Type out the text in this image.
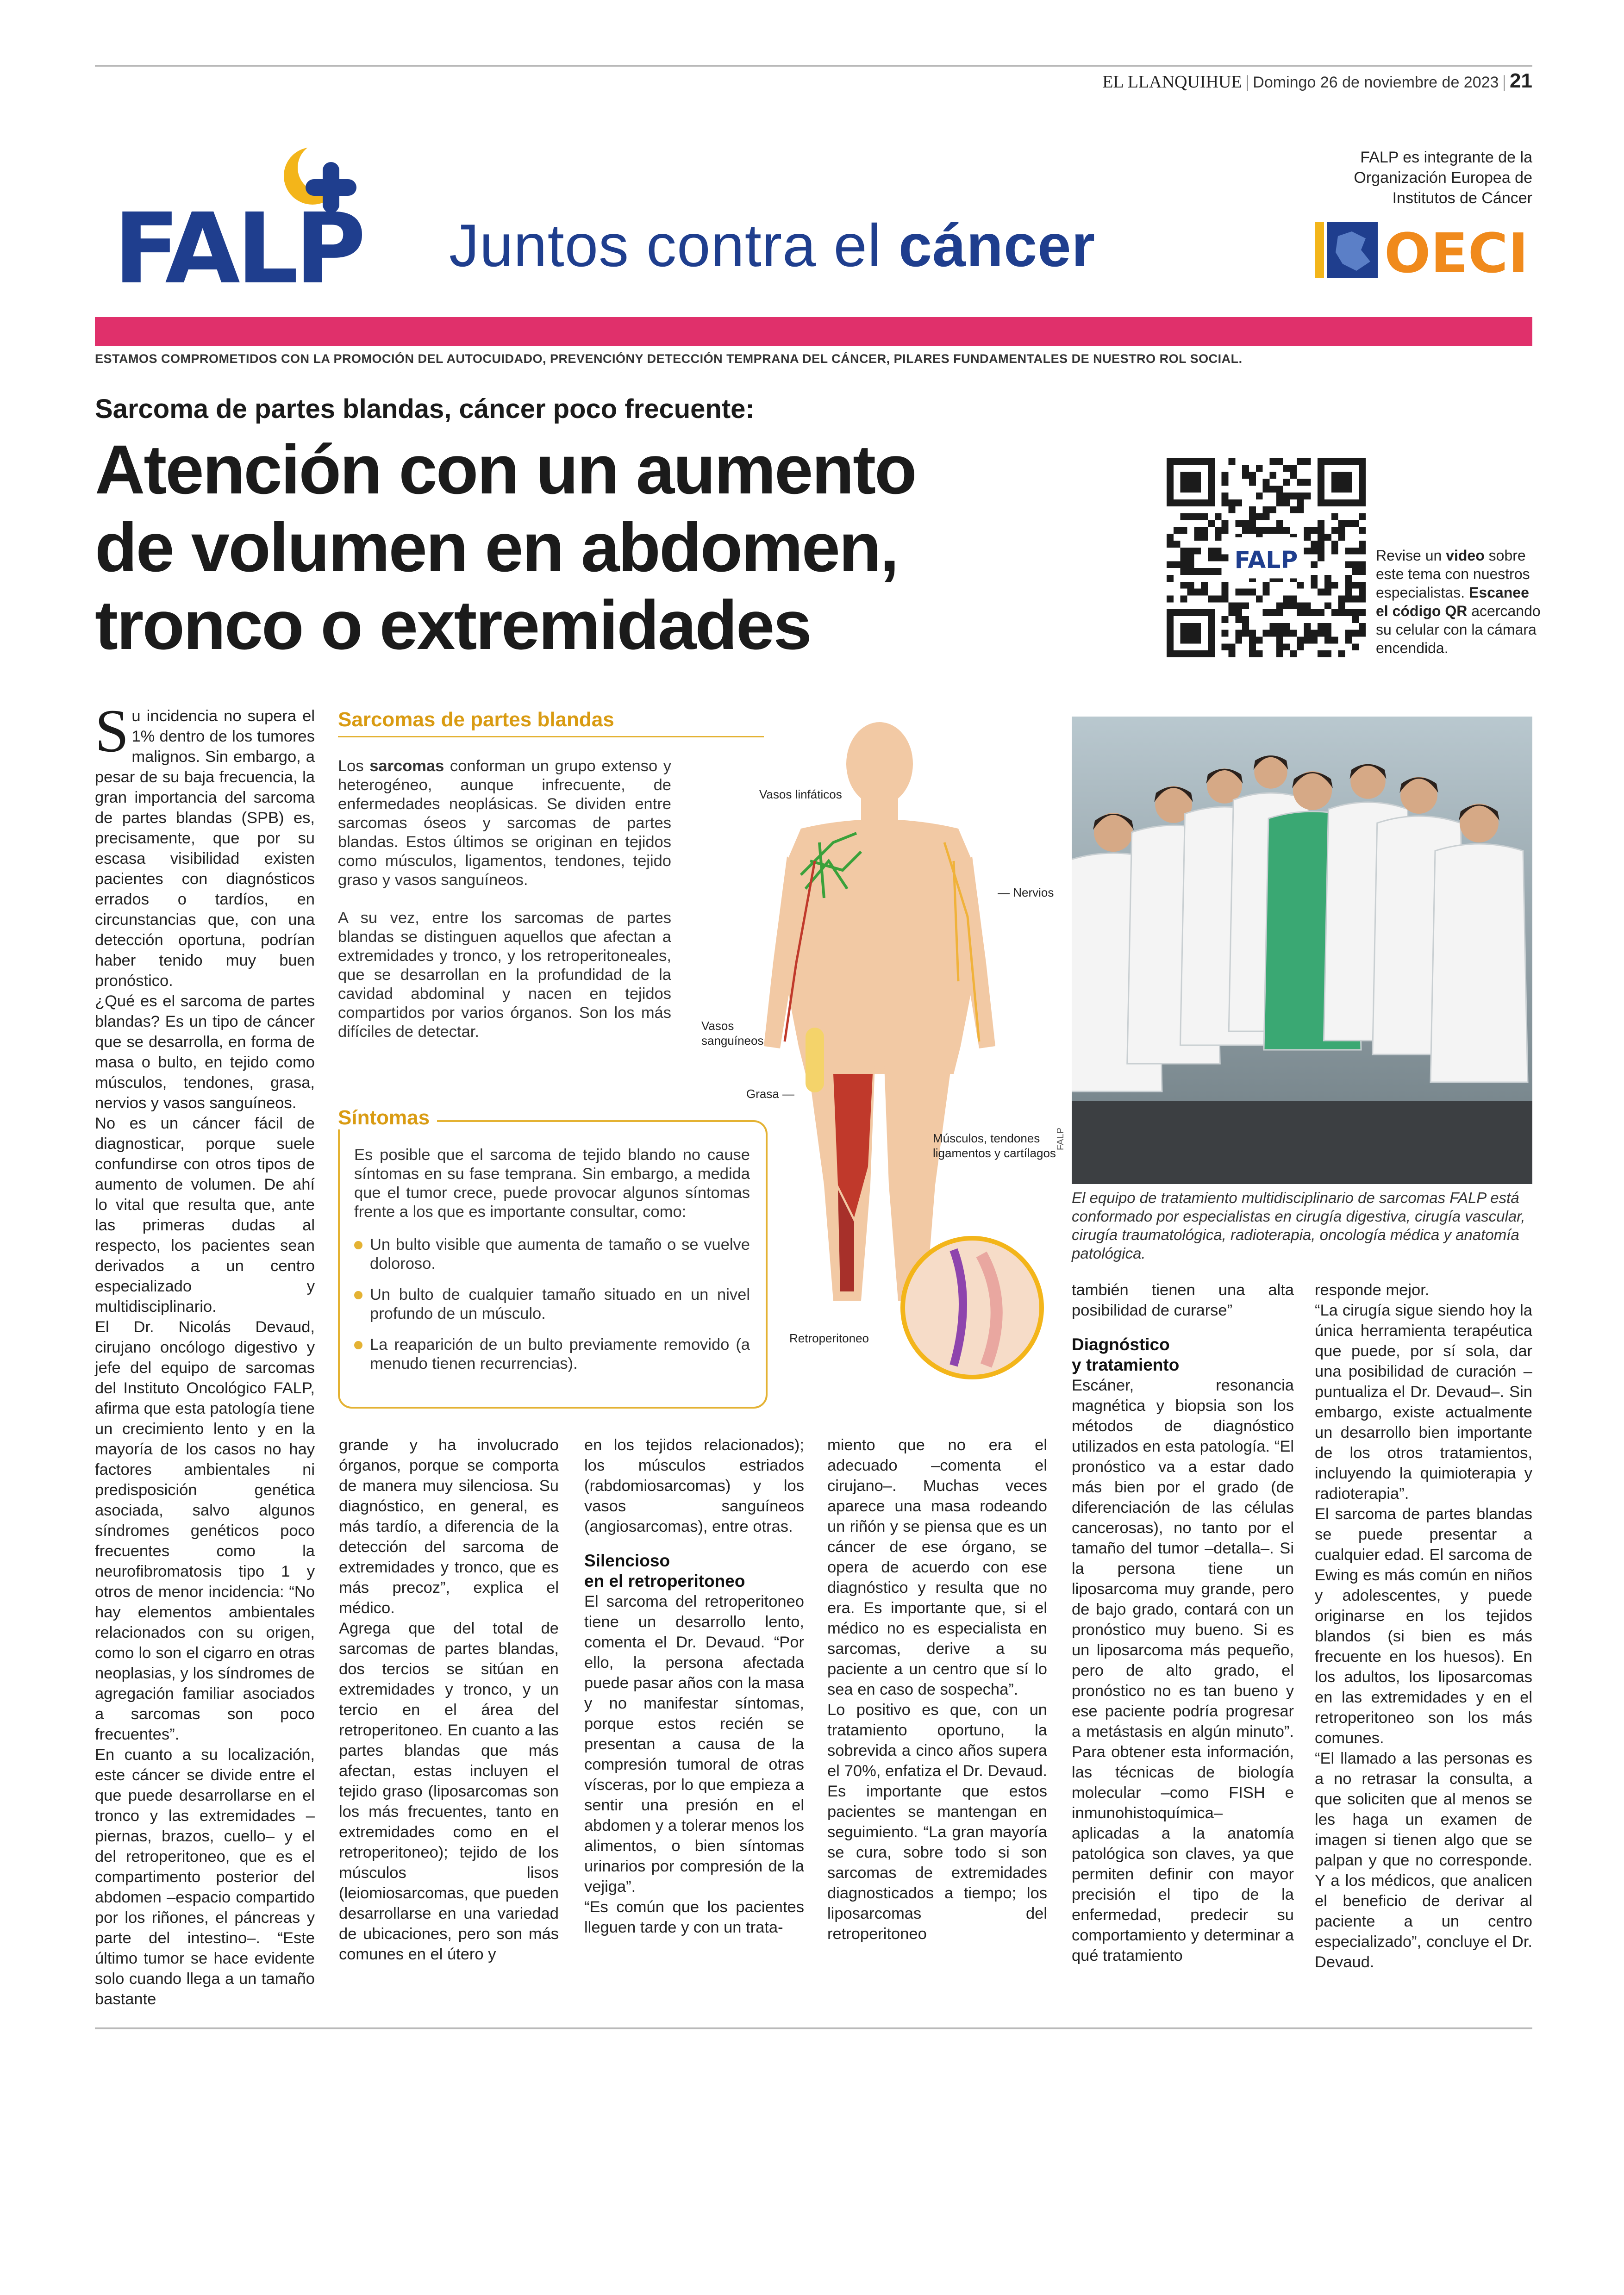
EL LLANQUIHUE | Domingo 26 de noviembre de 2023 | 21
FALP Juntos contra el cáncer
FALP es integrante de la
Organización Europea de
Institutos de Cáncer
OECI
ESTAMOS COMPROMETIDOS CON LA PROMOCIÓN DEL AUTOCUIDADO, PREVENCIÓNY DETECCIÓN TEMPRANA DEL CÁNCER, PILARES FUNDAMENTALES DE NUESTRO ROL SOCIAL.
Sarcoma de partes blandas, cáncer poco frecuente:
Atención con un aumento
de volumen en abdomen,
tronco o extremidades
FALP	Revise un video sobre este tema con nuestros especialistas. Escanee el código QR acercando su celular con la cámara encendida.
S u incidencia no supera el 1% dentro de los tumores malignos. Sin embargo, a pesar de su baja frecuencia, la gran importancia del sarcoma de partes blandas (SPB) es, precisamente, que por su escasa visibilidad existen pacientes con diagnósticos errados o tardíos, en circunstancias que, con una detección oportuna, podrían haber tenido muy buen pronóstico.

¿Qué es el sarcoma de partes blandas? Es un tipo de cáncer que se desarrolla, en forma de masa o bulto, en tejido como músculos, tendones, grasa, nervios y vasos sanguíneos.

No es un cáncer fácil de diagnosticar, porque suele confundirse con otros tipos de aumento de volumen. De ahí lo vital que resulta que, ante las primeras dudas al respecto, los pacientes sean derivados a un centro especializado y multidisciplinario.

El Dr. Nicolás Devaud, cirujano oncólogo digestivo y jefe del equipo de sarcomas del Instituto Oncológico FALP, afirma que esta patología tiene un crecimiento lento y en la mayoría de los casos no hay factores ambientales ni predisposición genética asociada, salvo algunos síndromes genéticos poco frecuentes como la neurofibromatosis tipo 1 y otros de menor incidencia: “No hay elementos ambientales relacionados con su origen, como lo son el cigarro en otras neoplasias, y los síndromes de agregación familiar asociados a sarcomas son poco frecuentes”.

En cuanto a su localización, este cáncer se divide entre el que puede desarrollarse en el tronco y las extremidades –piernas, brazos, cuello– y el del retroperitoneo, que es el compartimento posterior del abdomen –espacio compartido por los riñones, el páncreas y parte del intestino–. “Este último tumor se hace evidente solo cuando llega a un tamaño bastante

Sarcomas de partes blandas

Los sarcomas conforman un grupo extenso y heterogéneo, aunque infrecuente, de enfermedades neoplásicas. Se dividen entre sarcomas óseos y sarcomas de partes blandas. Estos últimos se originan en tejidos como músculos, ligamentos, tendones, tejido graso y vasos sanguíneos.

A su vez, entre los sarcomas de partes blandas se distinguen aquellos que afectan a extremidades y tronco, y los retroperitoneales, que se desarrollan en la profundidad de la cavidad abdominal y nacen en tejidos compartidos por varios órganos. Son los más difíciles de detectar.

Síntomas

Es posible que el sarcoma de tejido blando no cause síntomas en su fase temprana. Sin embargo, a medida que el tumor crece, puede provocar algunos síntomas frente a los que es importante consultar, como:

Un bulto visible que aumenta de tamaño o se vuelve doloroso.
Un bulto de cualquier tamaño situado en un nivel profundo de un músculo.
La reaparición de un bulto previamente removido (a menudo tienen recurrencias).
Vasos linfáticos
— Nervios
Vasos
sanguíneos
Grasa —
Músculos, tendones
ligamentos y cartílagos
Retroperitoneo
FALP
El equipo de tratamiento multidisciplinario de sarcomas FALP está conformado por especialistas en cirugía digestiva, cirugía vascular, cirugía traumatológica, radioterapia, oncología médica y anatomía patológica.

grande y ha involucrado órganos, porque se comporta de manera muy silenciosa. Su diagnóstico, en general, es más tardío, a diferencia de la detección del sarcoma de extremidades y tronco, que es más precoz”, explica el médico.

Agrega que del total de sarcomas de partes blandas, dos tercios se sitúan en extremidades y tronco, y un tercio en el área del retroperitoneo. En cuanto a las partes blandas que más afectan, estas incluyen el tejido graso (liposarcomas son los más frecuentes, tanto en extremidades como en el retroperitoneo); tejido de los músculos lisos (leiomiosarcomas, que pueden desarrollarse en una variedad de ubicaciones, pero son más comunes en el útero y

en los tejidos relacionados); los músculos estriados (rabdomiosarcomas) y los vasos sanguíneos (angiosarcomas), entre otras.

Silencioso
en el retroperitoneo

El sarcoma del retroperitoneo tiene un desarrollo lento, comenta el Dr. Devaud. “Por ello, la persona afectada puede pasar años con la masa y no manifestar síntomas, porque estos recién se presentan a causa de la compresión tumoral de otras vísceras, por lo que empieza a sentir una presión en el abdomen y a tolerar menos los alimentos, o bien síntomas urinarios por compresión de la vejiga”.

“Es común que los pacientes lleguen tarde y con un trata-

miento que no era el adecuado –comenta el cirujano–. Muchas veces aparece una masa rodeando un riñón y se piensa que es un cáncer de ese órgano, se opera de acuerdo con ese diagnóstico y resulta que no era. Es importante que, si el médico no es especialista en sarcomas, derive a su paciente a un centro que sí lo sea en caso de sospecha”.

Lo positivo es que, con un tratamiento oportuno, la sobrevida a cinco años supera el 70%, enfatiza el Dr. Devaud. Es importante que estos pacientes se mantengan en seguimiento. “La gran mayoría se cura, sobre todo si son sarcomas de extremidades diagnosticados a tiempo; los liposarcomas del retroperitoneo

también tienen una alta posibilidad de curarse”

Diagnóstico
y tratamiento

Escáner, resonancia magnética y biopsia son los métodos de diagnóstico utilizados en esta patología. “El pronóstico va a estar dado más bien por el grado (de diferenciación de las células cancerosas), no tanto por el tamaño del tumor –detalla–. Si la persona tiene un liposarcoma muy grande, pero de bajo grado, contará con un pronóstico muy bueno. Si es un liposarcoma más pequeño, pero de alto grado, el pronóstico no es tan bueno y ese paciente podría progresar a metástasis en algún minuto”. Para obtener esta información, las técnicas de biología molecular –como FISH e inmunohistoquímica– aplicadas a la anatomía patológica son claves, ya que permiten definir con mayor precisión el tipo de la enfermedad, predecir su comportamiento y determinar a qué tratamiento

responde mejor.

“La cirugía sigue siendo hoy la única herramienta terapéutica que puede, por sí sola, dar una posibilidad de curación –puntualiza el Dr. Devaud–. Sin embargo, existe actualmente un desarrollo bien importante de los otros tratamientos, incluyendo la quimioterapia y radioterapia”.

El sarcoma de partes blandas se puede presentar a cualquier edad. El sarcoma de Ewing es más común en niños y adolescentes, y puede originarse en los tejidos blandos (si bien es más frecuente en los huesos). En los adultos, los liposarcomas en las extremidades y en el retroperitoneo son los más comunes.

“El llamado a las personas es a no retrasar la consulta, a que soliciten que al menos se les haga un examen de imagen si tienen algo que se palpan y que no corresponde. Y a los médicos, que analicen el beneficio de derivar al paciente a un centro especializado”, concluye el Dr. Devaud.
